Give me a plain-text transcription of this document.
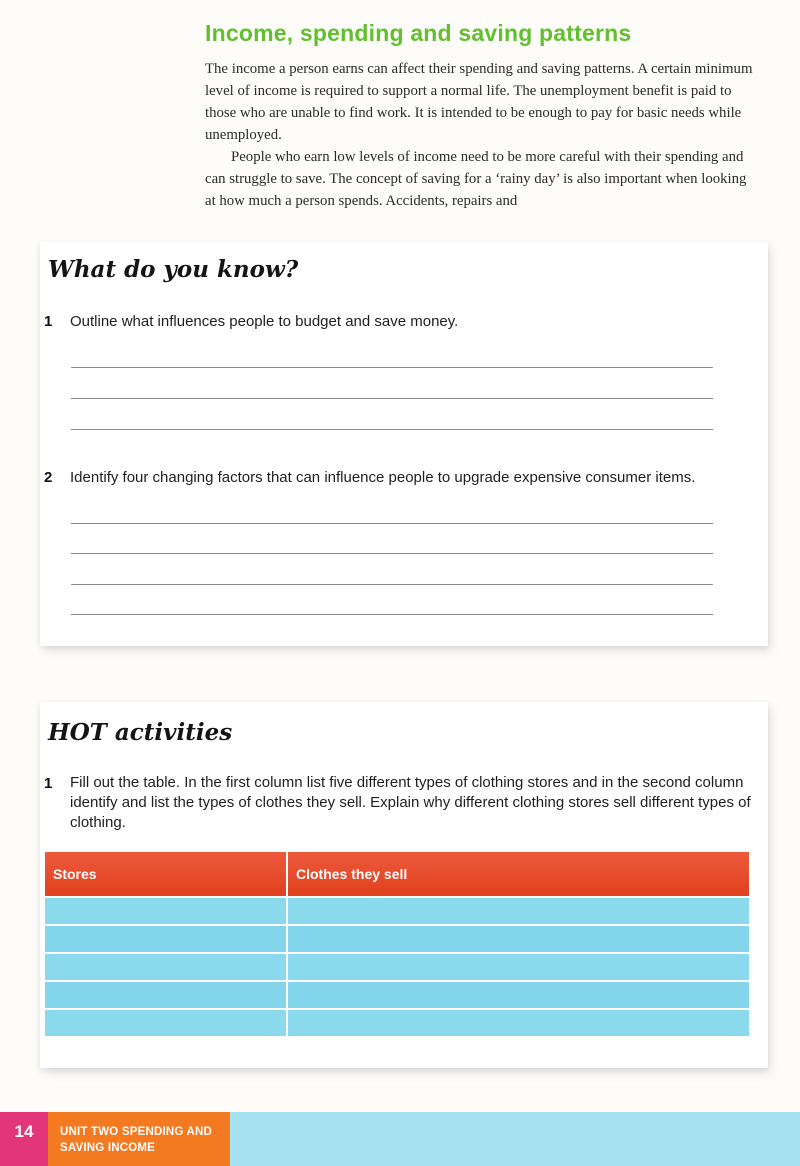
Income, spending and saving patterns

The income a person earns can affect their spending and saving patterns. A certain minimum level of income is required to support a normal life. The unemployment benefit is paid to those who are unable to find work. It is intended to be enough to pay for basic needs while unemployed.

People who earn low levels of income need to be more careful with their spending and can struggle to save. The concept of saving for a ‘rainy day’ is also important when looking at how much a person spends. Accidents, repairs and

What do you know?
1 Outline what influences people to budget and save money.
2 Identify four changing factors that can influence people to upgrade expensive consumer items.
HOT activities
1 Fill out the table. In the first column list five different types of clothing stores and in the second column identify and list the types of clothes they sell. Explain why different clothing stores sell different types of clothing.
Stores	Clothes they sell
14	UNIT TWO SPENDING AND
SAVING INCOME
